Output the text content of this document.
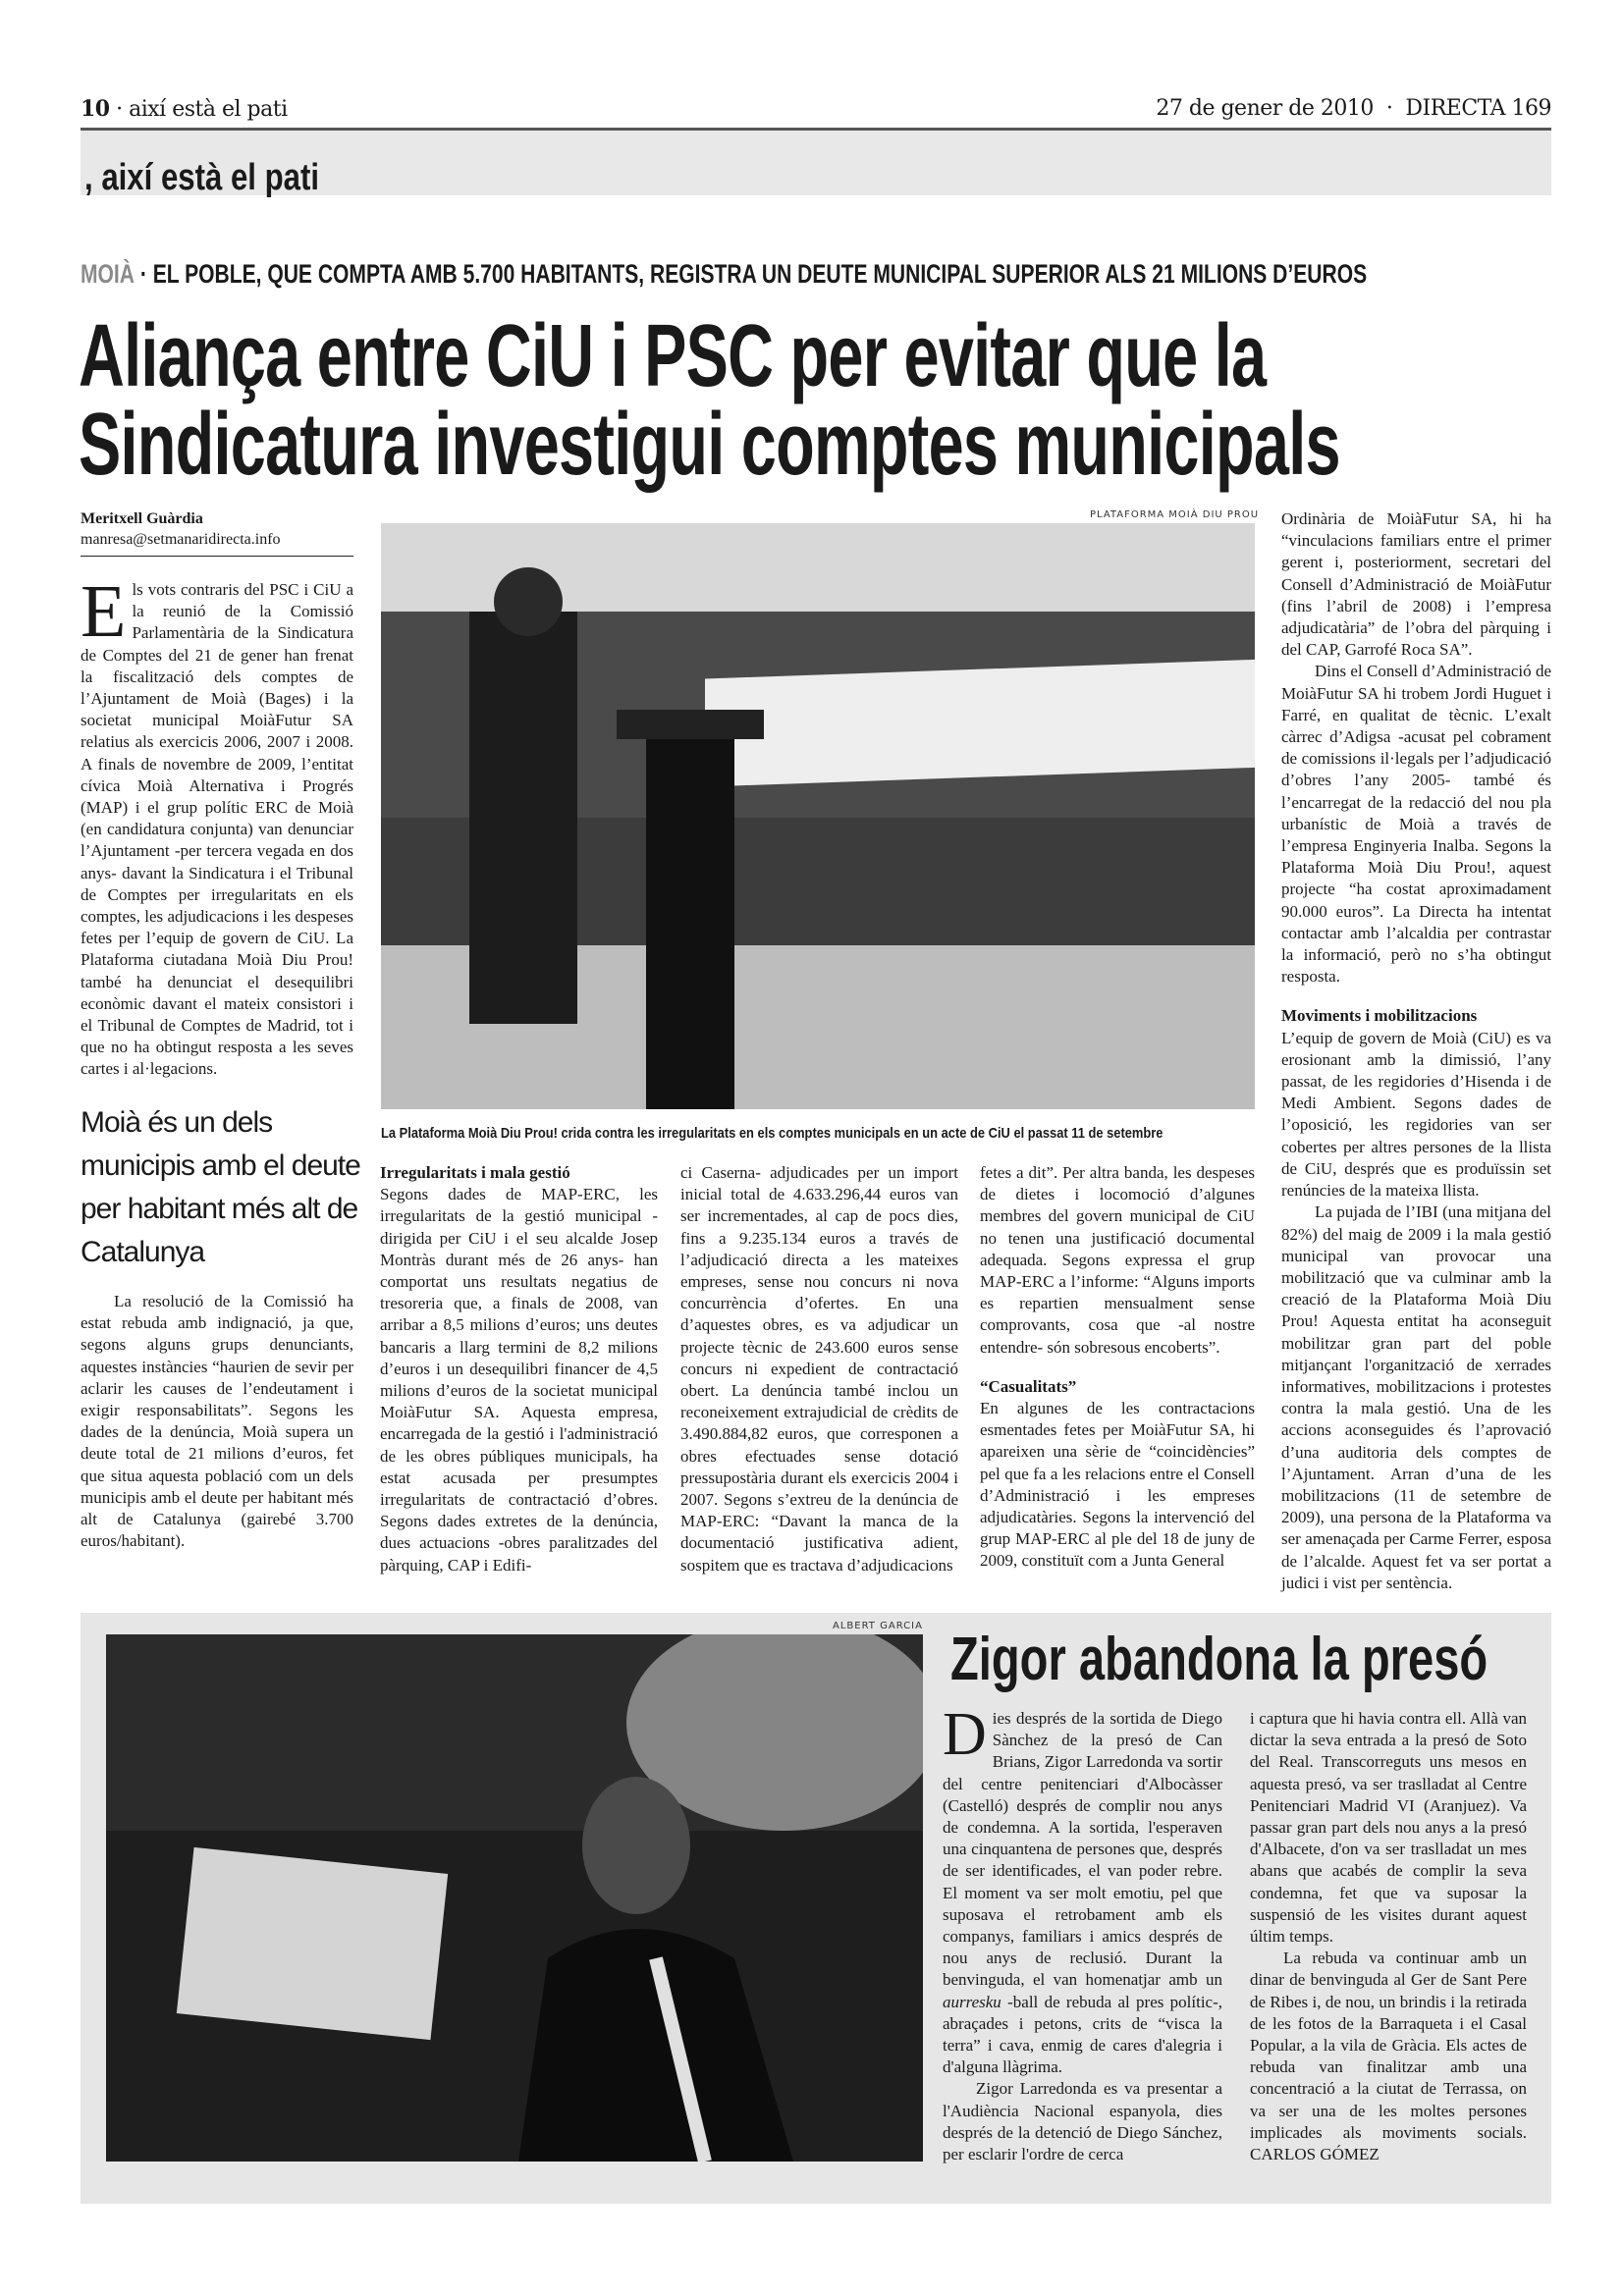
10 · així està el pati	27 de gener de 2010 · DIRECTA 169
, així està el pati
MOIÀ · EL POBLE, QUE COMPTA AMB 5.700 HABITANTS, REGISTRA UN DEUTE MUNICIPAL SUPERIOR ALS 21 MILIONS D’EUROS
Aliança entre CiU i PSC per evitar que la
Sindicatura investigui comptes municipals
Meritxell Guàrdia
manresa@setmanaridirecta.info

Els vots contraris del PSC i CiU a la reunió de la Comissió Parlamentària de la Sindicatura de Comptes del 21 de gener han frenat la fiscalització dels comptes de l’Ajuntament de Moià (Bages) i la societat municipal MoiàFutur SA relatius als exercicis 2006, 2007 i 2008. A finals de novembre de 2009, l’entitat cívica Moià Alternativa i Progrés (MAP) i el grup polític ERC de Moià (en candidatura conjunta) van denunciar l’Ajuntament -per tercera vegada en dos anys- davant la Sindicatura i el Tribunal de Comptes per irregularitats en els comptes, les adjudicacions i les despeses fetes per l’equip de govern de CiU. La Plataforma ciutadana Moià Diu Prou! també ha denunciat el desequilibri econòmic davant el mateix consistori i el Tribunal de Comptes de Madrid, tot i que no ha obtingut resposta a les seves cartes i al·legacions.

Moià és un dels municipis amb el deute per habitant més alt de Catalunya

La resolució de la Comissió ha estat rebuda amb indignació, ja que, segons alguns grups denunciants, aquestes instàncies “haurien de sevir per aclarir les causes de l’endeutament i exigir responsabilitats”. Segons les dades de la denúncia, Moià supera un deute total de 21 milions d’euros, fet que situa aquesta població com un dels municipis amb el deute per habitant més alt de Catalunya (gairebé 3.700 euros/habitant).

PLATAFORMA MOIÀ DIU PROU
La Plataforma Moià Diu Prou! crida contra les irregularitats en els comptes municipals en un acte de CiU el passat 11 de setembre
Irregularitats i mala gestió

Segons dades de MAP-ERC, les irregularitats de la gestió municipal -dirigida per CiU i el seu alcalde Josep Montràs durant més de 26 anys- han comportat uns resultats negatius de tresoreria que, a finals de 2008, van arribar a 8,5 milions d’euros; uns deutes bancaris a llarg termini de 8,2 milions d’euros i un desequilibri financer de 4,5 milions d’euros de la societat municipal MoiàFutur SA. Aquesta empresa, encarregada de la gestió i l'administració de les obres públiques municipals, ha estat acusada per presumptes irregularitats de contractació d’obres. Segons dades extretes de la denúncia, dues actuacions -obres paralitzades del pàrquing, CAP i Edifi-

ci Caserna- adjudicades per un import inicial total de 4.633.296,44 euros van ser incrementades, al cap de pocs dies, fins a 9.235.134 euros a través de l’adjudicació directa a les mateixes empreses, sense nou concurs ni nova concurrència d’ofertes. En una d’aquestes obres, es va adjudicar un projecte tècnic de 243.600 euros sense concurs ni expedient de contractació obert. La denúncia també inclou un reconeixement extrajudicial de crèdits de 3.490.884,82 euros, que corresponen a obres efectuades sense dotació pressupostària durant els exercicis 2004 i 2007. Segons s’extreu de la denúncia de MAP-ERC: “Davant la manca de la documentació justificativa adient, sospitem que es tractava d’adjudicacions

fetes a dit”. Per altra banda, les despeses de dietes i locomoció d’algunes membres del govern municipal de CiU no tenen una justificació documental adequada. Segons expressa el grup MAP-ERC a l’informe: “Alguns imports es repartien mensualment sense comprovants, cosa que -al nostre entendre- són sobresous encoberts”.

“Casualitats”

En algunes de les contractacions esmentades fetes per MoiàFutur SA, hi apareixen una sèrie de “coincidències” pel que fa a les relacions entre el Consell d’Administració i les empreses adjudicatàries. Segons la intervenció del grup MAP-ERC al ple del 18 de juny de 2009, constituït com a Junta General

Ordinària de MoiàFutur SA, hi ha “vinculacions familiars entre el primer gerent i, posteriorment, secretari del Consell d’Administració de MoiàFutur (fins l’abril de 2008) i l’empresa adjudicatària” de l’obra del pàrquing i del CAP, Garrofé Roca SA”.

Dins el Consell d’Administració de MoiàFutur SA hi trobem Jordi Huguet i Farré, en qualitat de tècnic. L’exalt càrrec d’Adigsa -acusat pel cobrament de comissions il·legals per l’adjudicació d’obres l’any 2005- també és l’encarregat de la redacció del nou pla urbanístic de Moià a través de l’empresa Enginyeria Inalba. Segons la Plataforma Moià Diu Prou!, aquest projecte “ha costat aproximadament 90.000 euros”. La Directa ha intentat contactar amb l’alcaldia per contrastar la informació, però no s’ha obtingut resposta.

Moviments i mobilitzacions

L’equip de govern de Moià (CiU) es va erosionant amb la dimissió, l’any passat, de les regidories d’Hisenda i de Medi Ambient. Segons dades de l’oposició, les regidories van ser cobertes per altres persones de la llista de CiU, després que es produïssin set renúncies de la mateixa llista.

La pujada de l’IBI (una mitjana del 82%) del maig de 2009 i la mala gestió municipal van provocar una mobilització que va culminar amb la creació de la Plataforma Moià Diu Prou! Aquesta entitat ha aconseguit mobilitzar gran part del poble mitjançant l'organització de xerrades informatives, mobilitzacions i protestes contra la mala gestió. Una de les accions aconseguides és l’aprovació d’una auditoria dels comptes de l’Ajuntament. Arran d’una de les mobilitzacions (11 de setembre de 2009), una persona de la Plataforma va ser amenaçada per Carme Ferrer, esposa de l’alcalde. Aquest fet va ser portat a judici i vist per sentència.

ALBERT GARCIA Zigor abandona la presó

Dies després de la sortida de Diego Sànchez de la presó de Can Brians, Zigor Larredonda va sortir del centre penitenciari d'Albocàsser (Castelló) després de complir nou anys de condemna. A la sortida, l'esperaven una cinquantena de persones que, després de ser identificades, el van poder rebre. El moment va ser molt emotiu, pel que suposava el retrobament amb els companys, familiars i amics després de nou anys de reclusió. Durant la benvinguda, el van homenatjar amb un aurresku -ball de rebuda al pres polític-, abraçades i petons, crits de “visca la terra” i cava, enmig de cares d'alegria i d'alguna llàgrima.

Zigor Larredonda es va presentar a l'Audiència Nacional espanyola, dies després de la detenció de Diego Sánchez, per esclarir l'ordre de cerca

i captura que hi havia contra ell. Allà van dictar la seva entrada a la presó de Soto del Real. Transcorreguts uns mesos en aquesta presó, va ser traslladat al Centre Penitenciari Madrid VI (Aranjuez). Va passar gran part dels nou anys a la presó d'Albacete, d'on va ser traslladat un mes abans que acabés de complir la seva condemna, fet que va suposar la suspensió de les visites durant aquest últim temps.

La rebuda va continuar amb un dinar de benvinguda al Ger de Sant Pere de Ribes i, de nou, un brindis i la retirada de les fotos de la Barraqueta i el Casal Popular, a la vila de Gràcia. Els actes de rebuda van finalitzar amb una concentració a la ciutat de Terrassa, on va ser una de les moltes persones implicades als moviments socials. CARLOS GÓMEZ
